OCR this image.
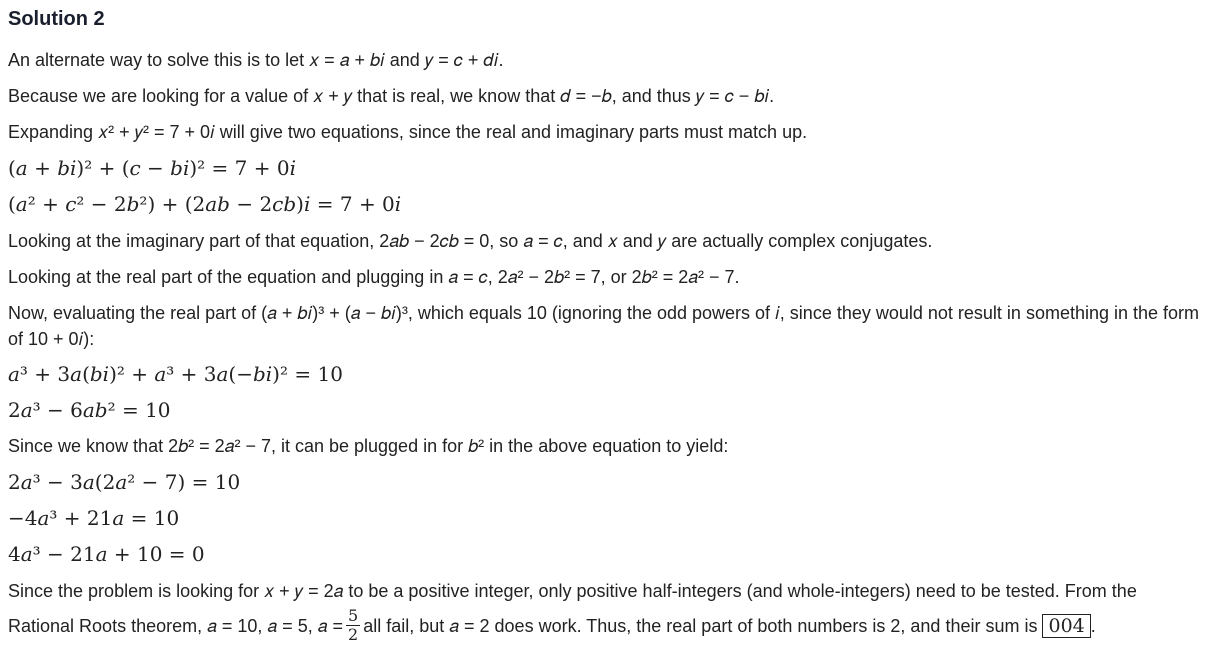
Solution 2
An alternate way to solve this is to let 𝑥 = 𝑎 + 𝑏𝑖 and 𝑦 = 𝑐 + 𝑑𝑖.
Because we are looking for a value of 𝑥 + 𝑦 that is real, we know that 𝑑 = −𝑏, and thus 𝑦 = 𝑐 − 𝑏𝑖.
Expanding 𝑥² + 𝑦² = 7 + 0𝑖 will give two equations, since the real and imaginary parts must match up.
(𝑎 + 𝑏𝑖)² + (𝑐 − 𝑏𝑖)² = 7 + 0𝑖
(𝑎² + 𝑐² − 2𝑏²) + (2𝑎𝑏 − 2𝑐𝑏)𝑖 = 7 + 0𝑖
Looking at the imaginary part of that equation, 2𝑎𝑏 − 2𝑐𝑏 = 0, so 𝑎 = 𝑐, and 𝑥 and 𝑦 are actually complex conjugates.
Looking at the real part of the equation and plugging in 𝑎 = 𝑐, 2𝑎² − 2𝑏² = 7, or 2𝑏² = 2𝑎² − 7.
Now, evaluating the real part of (𝑎 + 𝑏𝑖)³ + (𝑎 − 𝑏𝑖)³, which equals 10 (ignoring the odd powers of 𝑖, since they would not result in something in the form of 10 + 0𝑖):
𝑎³ + 3𝑎(𝑏𝑖)² + 𝑎³ + 3𝑎(−𝑏𝑖)² = 10
2𝑎³ − 6𝑎𝑏² = 10
Since we know that 2𝑏² = 2𝑎² − 7, it can be plugged in for 𝑏² in the above equation to yield:
2𝑎³ − 3𝑎(2𝑎² − 7) = 10
−4𝑎³ + 21𝑎 = 10
4𝑎³ − 21𝑎 + 10 = 0
Since the problem is looking for 𝑥 + 𝑦 = 2𝑎 to be a positive integer, only positive half-integers (and whole-integers) need to be tested. From the
Rational Roots theorem, 𝑎 = 10, 𝑎 = 5, 𝑎 = $\frac{5}{2}$ all fail, but 𝑎 = 2 does work. Thus, the real part of both numbers is 2, and their sum is 004 .
